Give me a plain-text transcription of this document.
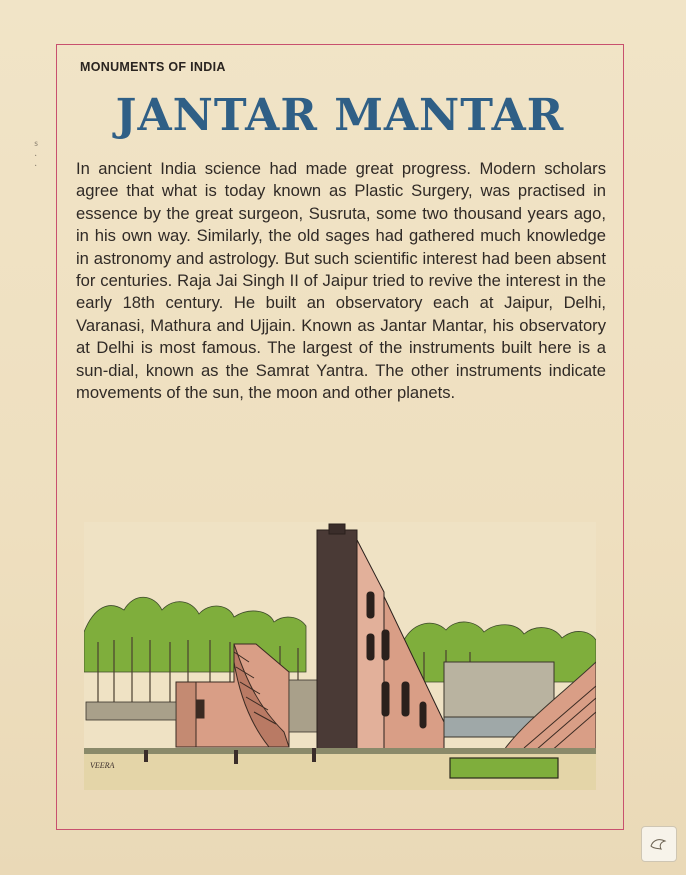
ᔆ
·
·
MONUMENTS OF INDIA
JANTAR MANTAR
In ancient India science had made great progress. Modern scholars agree that what is today known as Plastic Surgery, was practised in essence by the great surgeon, Susruta, some two thousand years ago, in his own way. Similarly, the old sages had gathered much knowledge in astronomy and astrology. But such scientific interest had been absent for centuries. Raja Jai Singh II of Jaipur tried to revive the interest in the early 18th century. He built an observatory each at Jaipur, Delhi, Varanasi, Mathura and Ujjain. Known as Jantar Mantar, his observatory at Delhi is most famous. The largest of the instruments built here is a sun-dial, known as the Samrat Yantra. The other instruments indicate movements of the sun, the moon and other planets.
VEERA
